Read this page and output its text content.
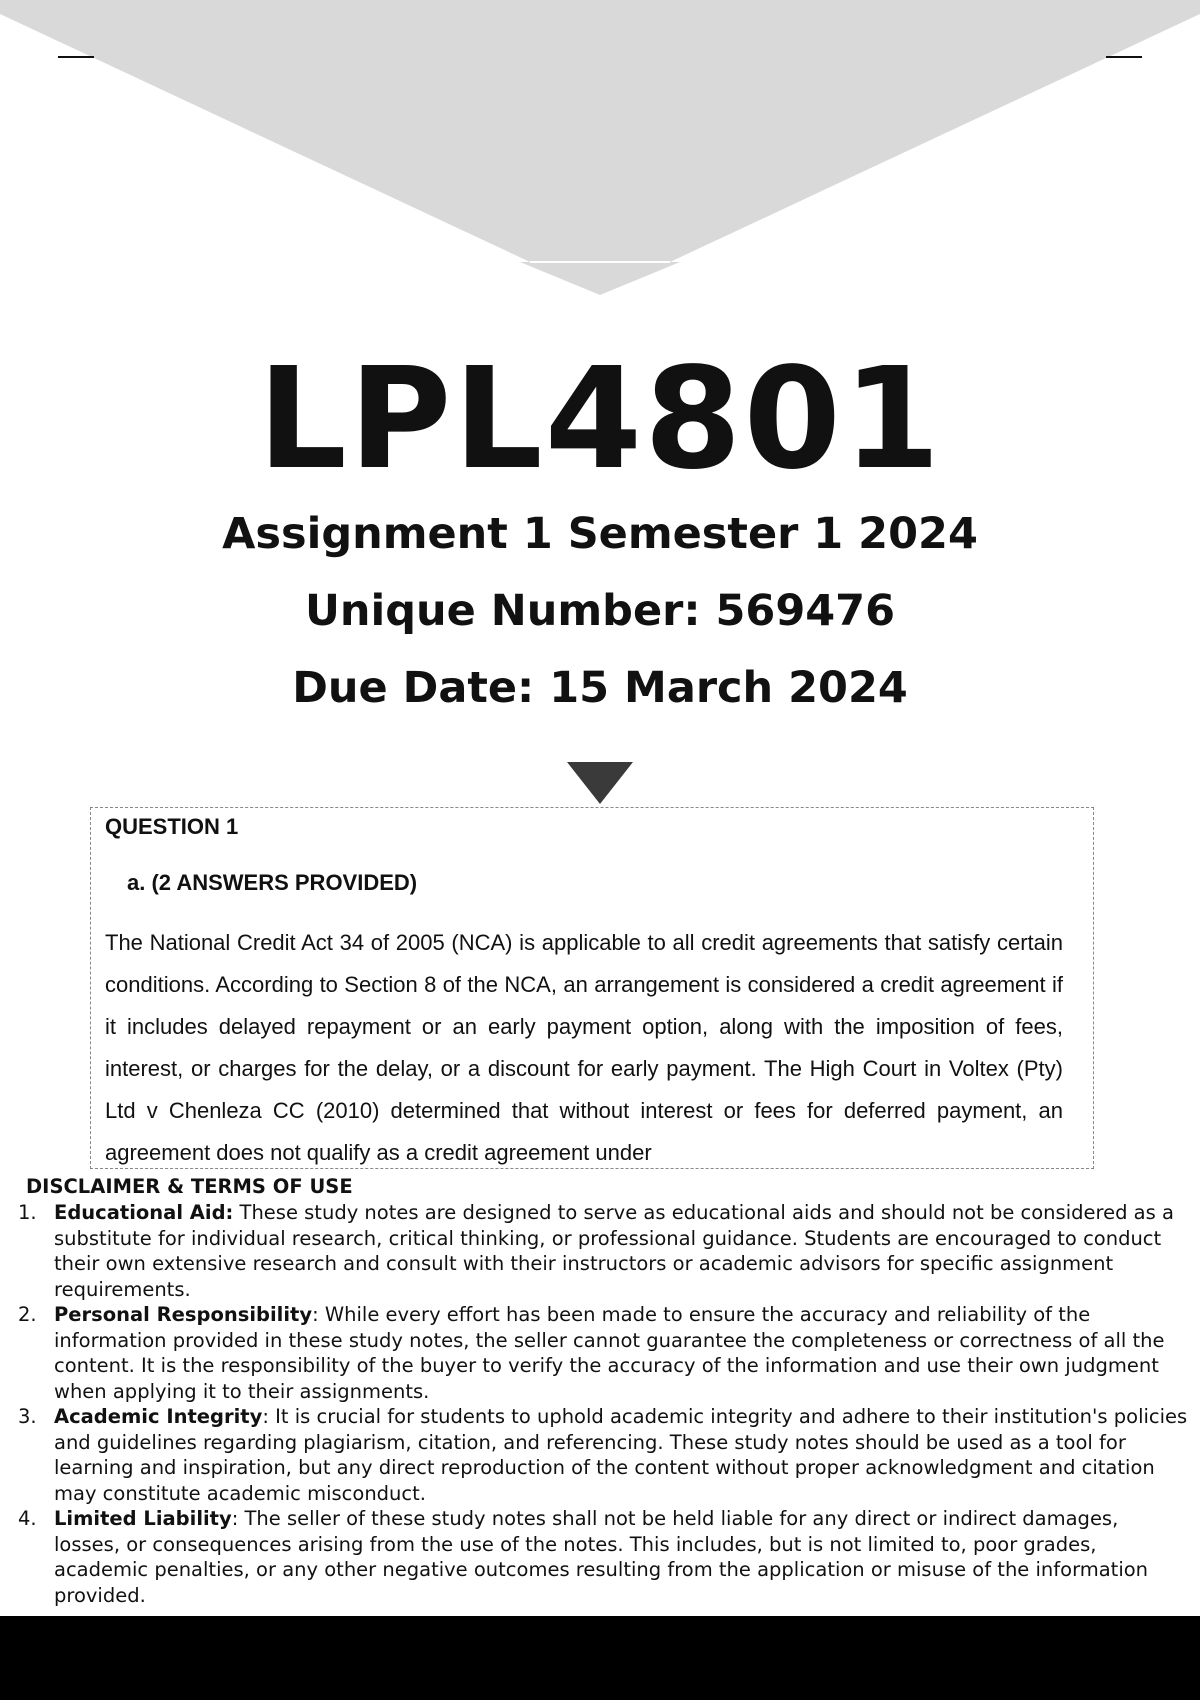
LPL4801
Assignment 1 Semester 1 2024
Unique Number: 569476
Due Date: 15 March 2024
QUESTION 1
a. (2 ANSWERS PROVIDED)
The National Credit Act 34 of 2005 (NCA) is applicable to all credit agreements that satisfy certain conditions. According to Section 8 of the NCA, an arrangement is considered a credit agreement if it includes delayed repayment or an early payment option, along with the imposition of fees, interest, or charges for the delay, or a discount for early payment. The High Court in Voltex (Pty) Ltd v Chenleza CC (2010) determined that without interest or fees for deferred payment, an agreement does not qualify as a credit agreement under
DISCLAIMER & TERMS OF USE
1. Educational Aid: These study notes are designed to serve as educational aids and should not be considered as a substitute for individual research, critical thinking, or professional guidance. Students are encouraged to conduct their own extensive research and consult with their instructors or academic advisors for specific assignment requirements.
2. Personal Responsibility: While every effort has been made to ensure the accuracy and reliability of the information provided in these study notes, the seller cannot guarantee the completeness or correctness of all the content. It is the responsibility of the buyer to verify the accuracy of the information and use their own judgment when applying it to their assignments.
3. Academic Integrity: It is crucial for students to uphold academic integrity and adhere to their institution's policies and guidelines regarding plagiarism, citation, and referencing. These study notes should be used as a tool for learning and inspiration, but any direct reproduction of the content without proper acknowledgment and citation may constitute academic misconduct.
4. Limited Liability: The seller of these study notes shall not be held liable for any direct or indirect damages, losses, or consequences arising from the use of the notes. This includes, but is not limited to, poor grades, academic penalties, or any other negative outcomes resulting from the application or misuse of the information provided.
